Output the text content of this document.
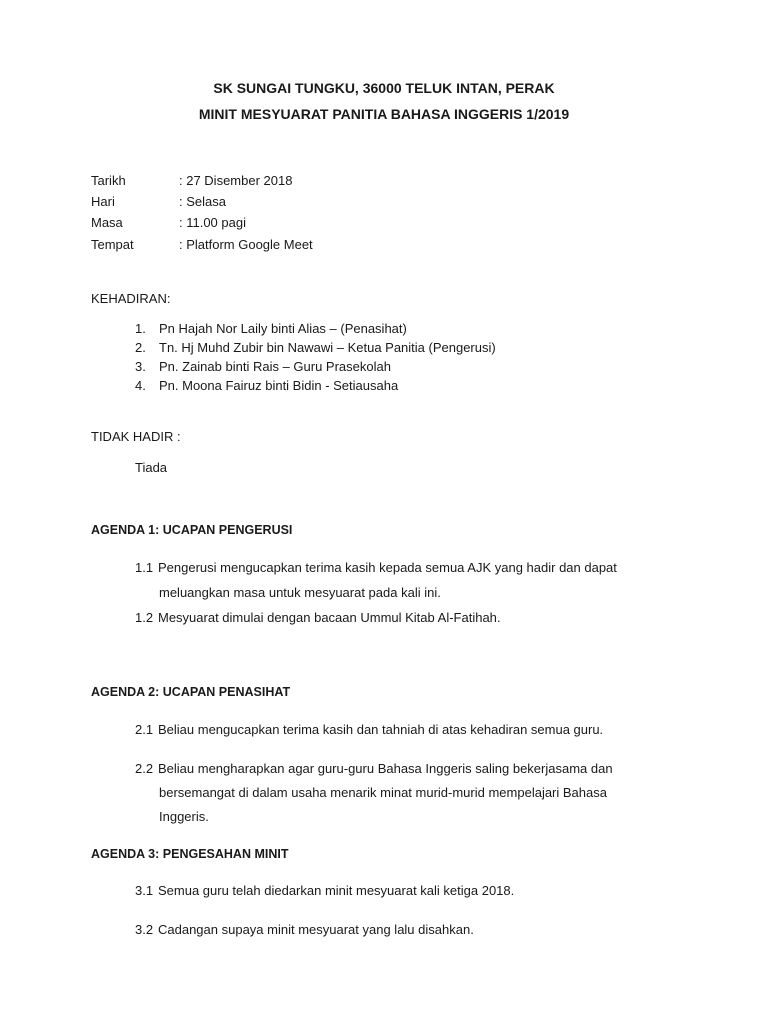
SK SUNGAI TUNGKU, 36000 TELUK INTAN, PERAK
MINIT MESYUARAT PANITIA BAHASA INGGERIS 1/2019
Tarikh	: 27 Disember 2018
Hari	: Selasa
Masa	: 11.00 pagi
Tempat	: Platform Google Meet
KEHADIRAN:
1.	Pn Hajah Nor Laily binti Alias – (Penasihat)
2.	Tn. Hj Muhd Zubir bin Nawawi – Ketua Panitia (Pengerusi)
3.	Pn. Zainab binti Rais – Guru Prasekolah
4.	Pn. Moona Fairuz binti Bidin - Setiausaha
TIDAK HADIR :
Tiada
AGENDA 1: UCAPAN PENGERUSI
1.1 Pengerusi mengucapkan terima kasih kepada semua AJK yang hadir dan dapat
meluangkan masa untuk mesyuarat pada kali ini.
1.2 Mesyuarat dimulai dengan bacaan Ummul Kitab Al-Fatihah.
AGENDA 2: UCAPAN PENASIHAT
2.1 Beliau mengucapkan terima kasih dan tahniah di atas kehadiran semua guru.
2.2 Beliau mengharapkan agar guru-guru Bahasa Inggeris saling bekerjasama dan
bersemangat di dalam usaha menarik minat murid-murid mempelajari Bahasa
Inggeris.
AGENDA 3: PENGESAHAN MINIT
3.1 Semua guru telah diedarkan minit mesyuarat kali ketiga 2018.
3.2 Cadangan supaya minit mesyuarat yang lalu disahkan.
